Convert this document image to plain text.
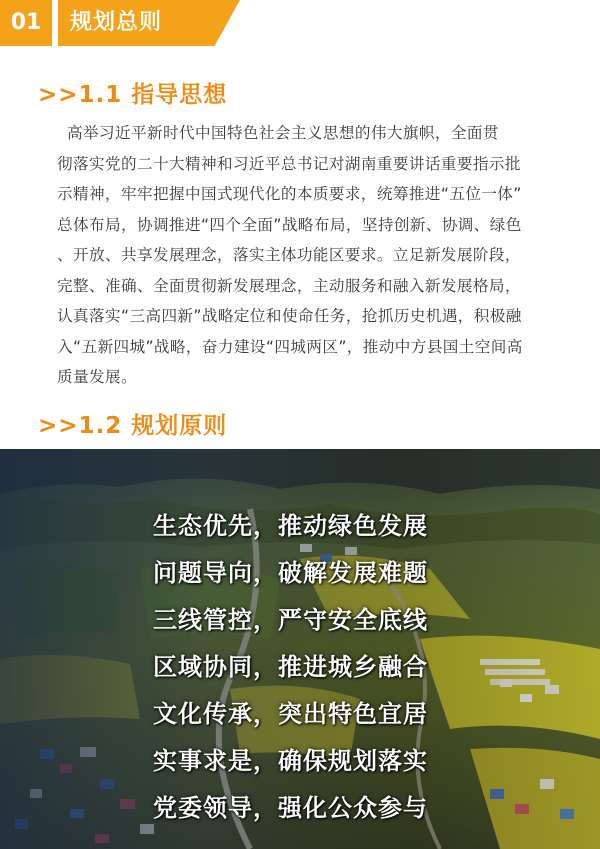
01	规划总则
>>1.1 指导思想
高举习近平新时代中国特色社会主义思想的伟大旗帜，全面贯
彻落实党的二十大精神和习近平总书记对湖南重要讲话重要指示批
示精神，牢牢把握中国式现代化的本质要求，统筹推进“五位一体”
总体布局，协调推进“四个全面”战略布局，坚持创新、协调、绿色
、开放、共享发展理念，落实主体功能区要求。立足新发展阶段，
完整、准确、全面贯彻新发展理念，主动服务和融入新发展格局，
认真落实“三高四新”战略定位和使命任务，抢抓历史机遇，积极融
入“五新四城”战略，奋力建设“四城两区”，推动中方县国土空间高
质量发展。
>>1.2 规划原则
生态优先，推动绿色发展
问题导向，破解发展难题
三线管控，严守安全底线
区域协同，推进城乡融合
文化传承，突出特色宜居
实事求是，确保规划落实
党委领导，强化公众参与
